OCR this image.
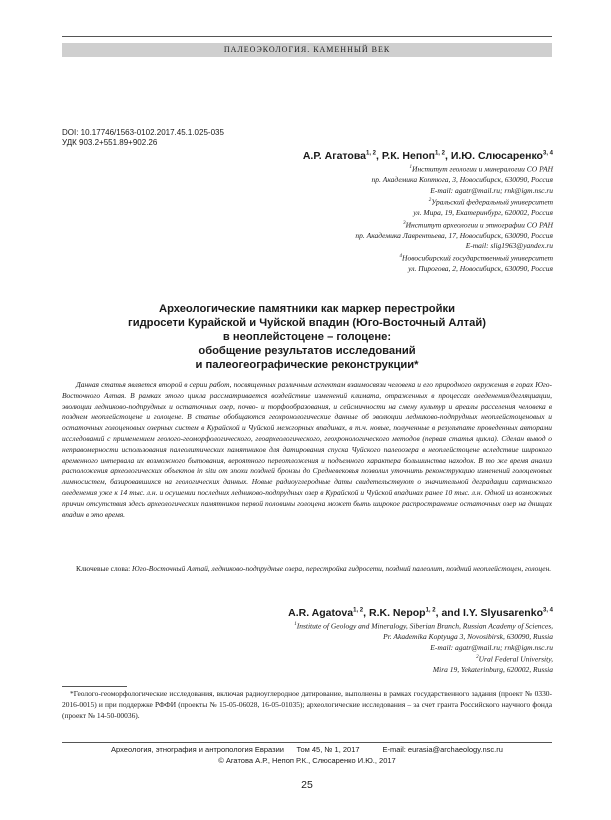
ПАЛЕОЭКОЛОГИЯ. КАМЕННЫЙ ВЕК
DOI: 10.17746/1563-0102.2017.45.1.025-035
УДК 903.2+551.89+902.26
А.Р. Агатова$^{1, 2}$, Р.К. Непоп$^{1, 2}$, И.Ю. Слюсаренко$^{3, 4}$
$^1$Институт геологии и минералогии СО РАН
пр. Академика Коптюга, 3, Новосибирск, 630090, Россия
E-mail: agatr@mail.ru; rnk@igm.nsc.ru
$^2$Уральский федеральный университет
ул. Мира, 19, Екатеринбург, 620002, Россия
$^3$Институт археологии и этнографии СО РАН
пр. Академика Лаврентьева, 17, Новосибирск, 630090, Россия
E-mail: slig1963@yandex.ru
$^4$Новосибирский государственный университет
ул. Пирогова, 2, Новосибирск, 630090, Россия
Археологические памятники как маркер перестройки
гидросети Курайской и Чуйской впадин (Юго-Восточный Алтай)
в неоплейстоцене – голоцене:
обобщение результатов исследований
и палеогеографические реконструкции*
Данная статья является второй в серии работ, посвященных различным аспектам взаимосвязи человека и его природного окружения в горах Юго-Восточного Алтая. В рамках этого цикла рассматривается воздействие изменений климата, отраженных в процессах оледенения/дегляциации, эволюции ледниково-подпрудных и остаточных озер, почво- и торфообразования, и сейсмичности на смену культур и ареалы расселения человека в позднем неоплейстоцене и голоцене. В статье обобщаются геохронологические данные об эволюции ледниково-подпрудных неоплейстоценовых и остаточных голоценовых озерных систем в Курайской и Чуйской межгорных впадинах, в т.ч. новые, полученные в результате проведенных авторами исследований с применением геолого-геоморфологического, геоархеологического, геохронологического методов (первая статья цикла). Сделан вывод о неправомерности использования палеолитических памятников для датирования спуска Чуйского палеоозера в неоплейстоцене вследствие широкого временного интервала их возможного бытования, вероятного переотложения и подъемного характера большинства находок. В то же время анализ расположения археологических объектов in situ от эпохи поздней бронзы до Средневековья позволил уточнить реконструкцию изменений голоценовых лимносистем, базировавшихся на геологических данных. Новые радиоуглеродные даты свидетельствуют о значительной деградации сартанского оледенения уже к 14 тыс. л.н. и осушении последних ледниково-подпрудных озер в Курайской и Чуйской впадинах ранее 10 тыс. л.н. Одной из возможных причин отсутствия здесь археологических памятников первой половины голоцена может быть широкое распространение остаточных озер на днищах впадин в это время.
Ключевые слова: Юго-Восточный Алтай, ледниково-подпрудные озера, перестройка гидросети, поздний палеолит, поздний неоплейстоцен, голоцен.
A.R. Agatova$^{1, 2}$, R.K. Nepop$^{1, 2}$, and I.Y. Slyusarenko$^{3, 4}$
$^1$Institute of Geology and Mineralogy, Siberian Branch, Russian Academy of Sciences,
Pr. Akademika Koptyuga 3, Novosibirsk, 630090, Russia
E-mail: agatr@mail.ru; rnk@igm.nsc.ru
$^2$Ural Federal University,
Mira 19, Yekaterinburg, 620002, Russia
*Геолого-геоморфологические исследования, включая радиоуглеродное датирование, выполнены в рамках государственного задания (проект № 0330-2016-0015) и при поддержке РФФИ (проекты № 15-05-06028, 16-05-01035); археологические исследования – за счет гранта Российского научного фонда (проект № 14-50-00036).
Археология, этнография и антропология Евразии Том 45, № 1, 2017	E-mail: eurasia@archaeology.nsc.ru
© Агатова А.Р., Непоп Р.К., Слюсаренко И.Ю., 2017
25
